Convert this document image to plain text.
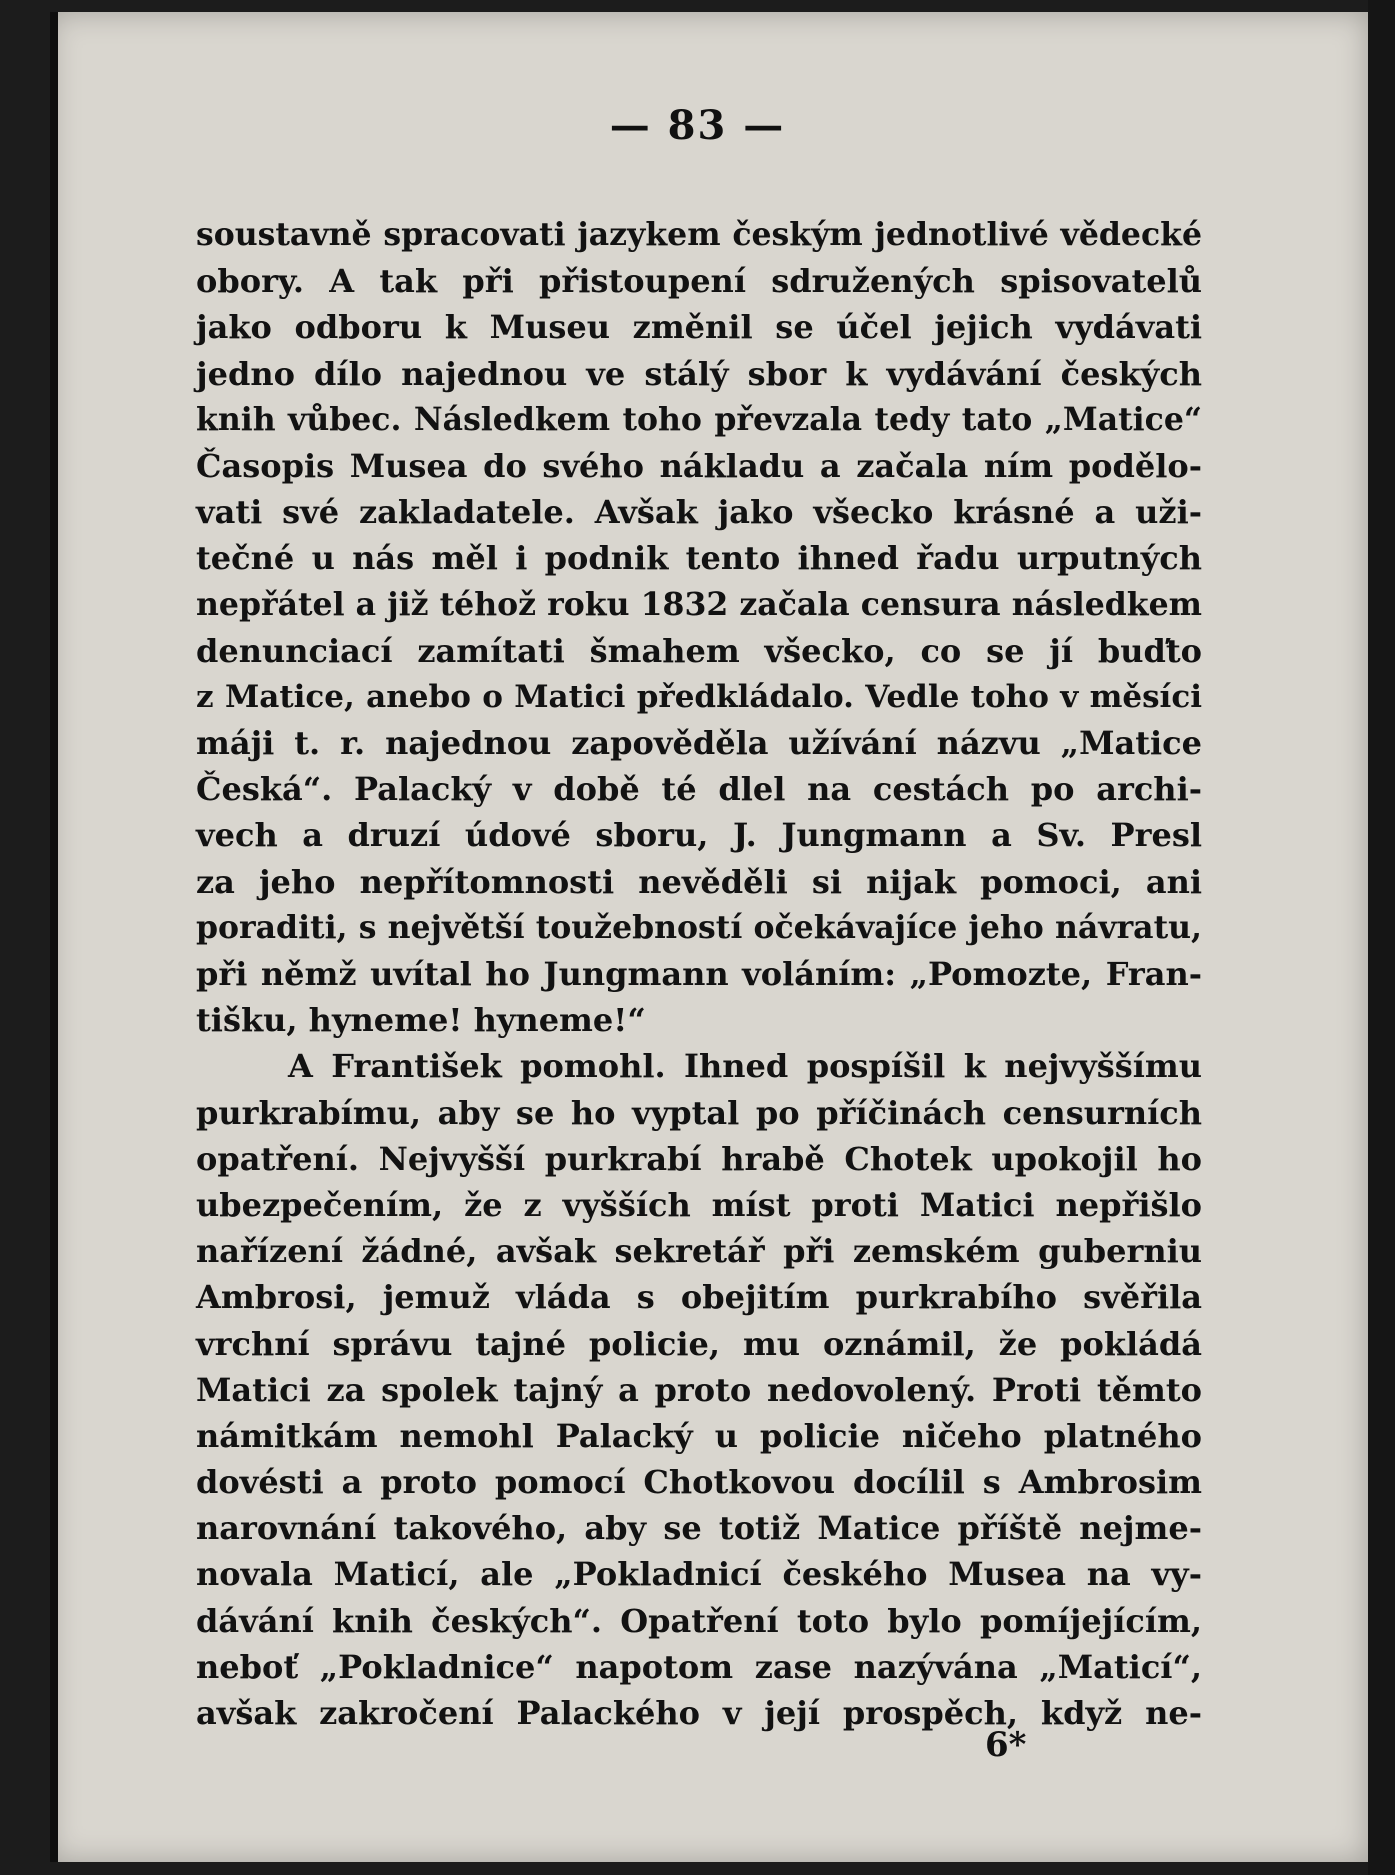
— 83 —
soustavně spracovati jazykem českým jednotlivé vědecké
obory. A tak při přistoupení sdružených spisovatelů
jako odboru k Museu změnil se účel jejich vydávati
jedno dílo najednou ve stálý sbor k vydávání českých
knih vůbec. Následkem toho převzala tedy tato „Matice“
Časopis Musea do svého nákladu a začala ním podělo-
vati své zakladatele. Avšak jako všecko krásné a uži-
tečné u nás měl i podnik tento ihned řadu urputných
nepřátel a již téhož roku 1832 začala censura následkem
denunciací zamítati šmahem všecko, co se jí buďto
z Matice, anebo o Matici předkládalo. Vedle toho v měsíci
máji t. r. najednou zapověděla užívání názvu „Matice
Česká“. Palacký v době té dlel na cestách po archi-
vech a druzí údové sboru, J. Jungmann a Sv. Presl
za jeho nepřítomnosti nevěděli si nijak pomoci, ani
poraditi, s největší toužebností očekávajíce jeho návratu,
při němž uvítal ho Jungmann voláním: „Pomozte, Fran-
tišku, hyneme! hyneme!“
A František pomohl. Ihned pospíšil k nejvyššímu
purkrabímu, aby se ho vyptal po příčinách censurních
opatření. Nejvyšší purkrabí hrabě Chotek upokojil ho
ubezpečením, že z vyšších míst proti Matici nepřišlo
nařízení žádné, avšak sekretář při zemském guberniu
Ambrosi, jemuž vláda s obejitím purkrabího svěřila
vrchní správu tajné policie, mu oznámil, že pokládá
Matici za spolek tajný a proto nedovolený. Proti těmto
námitkám nemohl Palacký u policie ničeho platného
dovésti a proto pomocí Chotkovou docílil s Ambrosim
narovnání takového, aby se totiž Matice příště nejme-
novala Maticí, ale „Pokladnicí českého Musea na vy-
dávání knih českých“. Opatření toto bylo pomíjejícím,
neboť „Pokladnice“ napotom zase nazývána „Maticí“,
avšak zakročení Palackého v její prospěch, když ne-
6*
